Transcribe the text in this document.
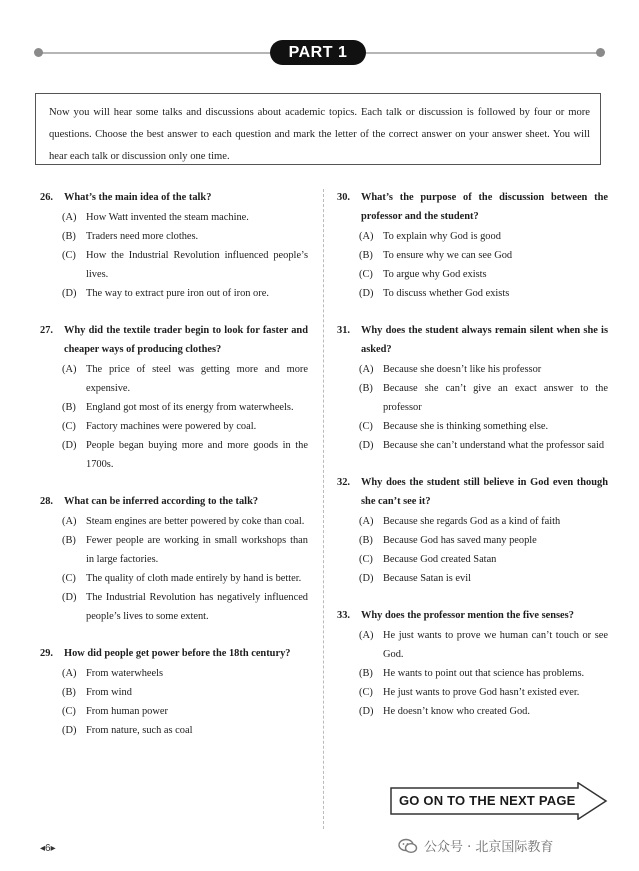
PART 1
Now you will hear some talks and discussions about academic topics. Each talk or discussion is followed by four or more questions. Choose the best answer to each question and mark the letter of the correct answer on your answer sheet. You will hear each talk or discussion only one time.
26.	What’s the main idea of the talk?
(A) How Watt invented the steam machine.
(B) Traders need more clothes.
(C) How the Industrial Revolution influenced people’s lives.
(D) The way to extract pure iron out of iron ore.
27.	Why did the textile trader begin to look for faster and cheaper ways of producing clothes?
(A) The price of steel was getting more and more expensive.
(B) England got most of its energy from waterwheels.
(C) Factory machines were powered by coal.
(D) People began buying more and more goods in the 1700s.
28.	What can be inferred according to the talk?
(A) Steam engines are better powered by coke than coal.
(B) Fewer people are working in small workshops than in large factories.
(C) The quality of cloth made entirely by hand is better.
(D) The Industrial Revolution has negatively influenced people’s lives to some extent.
29.	How did people get power before the 18th century?
(A) From waterwheels
(B) From wind
(C) From human power
(D) From nature, such as coal
30.	What’s the purpose of the discussion between the professor and the student?
(A) To explain why God is good
(B) To ensure why we can see God
(C) To argue why God exists
(D) To discuss whether God exists
31.	Why does the student always remain silent when she is asked?
(A) Because she doesn’t like his professor
(B) Because she can’t give an exact answer to the professor
(C) Because she is thinking something else.
(D) Because she can’t understand what the professor said
32.	Why does the student still believe in God even though she can’t see it?
(A) Because she regards God as a kind of faith
(B) Because God has saved many people
(C) Because God created Satan
(D) Because Satan is evil
33.	Why does the professor mention the five senses?
(A) He just wants to prove we human can’t touch or see God.
(B) He wants to point out that science has problems.
(C) He just wants to prove God hasn’t existed ever.
(D) He doesn’t know who created God.
GO ON TO THE NEXT PAGE
◂6▸	公众号 · 北京国际教育
